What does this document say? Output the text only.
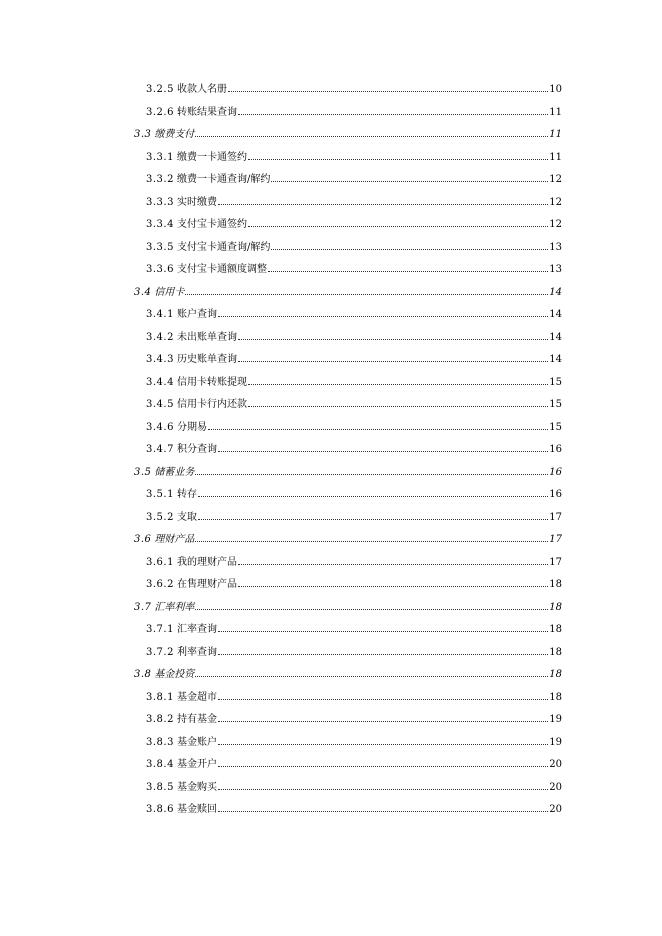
3.2.5 收款人名册	10
3.2.6 转账结果查询	11
3.3 缴费支付	11
3.3.1 缴费一卡通签约	11
3.3.2 缴费一卡通查询/解约	12
3.3.3 实时缴费	12
3.3.4 支付宝卡通签约	12
3.3.5 支付宝卡通查询/解约	13
3.3.6 支付宝卡通额度调整	13
3.4 信用卡	14
3.4.1 账户查询	14
3.4.2 未出账单查询	14
3.4.3 历史账单查询	14
3.4.4 信用卡转账提现	15
3.4.5 信用卡行内还款	15
3.4.6 分期易	15
3.4.7 积分查询	16
3.5 储蓄业务	16
3.5.1 转存	16
3.5.2 支取	17
3.6 理财产品	17
3.6.1 我的理财产品	17
3.6.2 在售理财产品	18
3.7 汇率利率	18
3.7.1 汇率查询	18
3.7.2 利率查询	18
3.8 基金投资	18
3.8.1 基金超市	18
3.8.2 持有基金	19
3.8.3 基金账户	19
3.8.4 基金开户	20
3.8.5 基金购买	20
3.8.6 基金赎回	20
